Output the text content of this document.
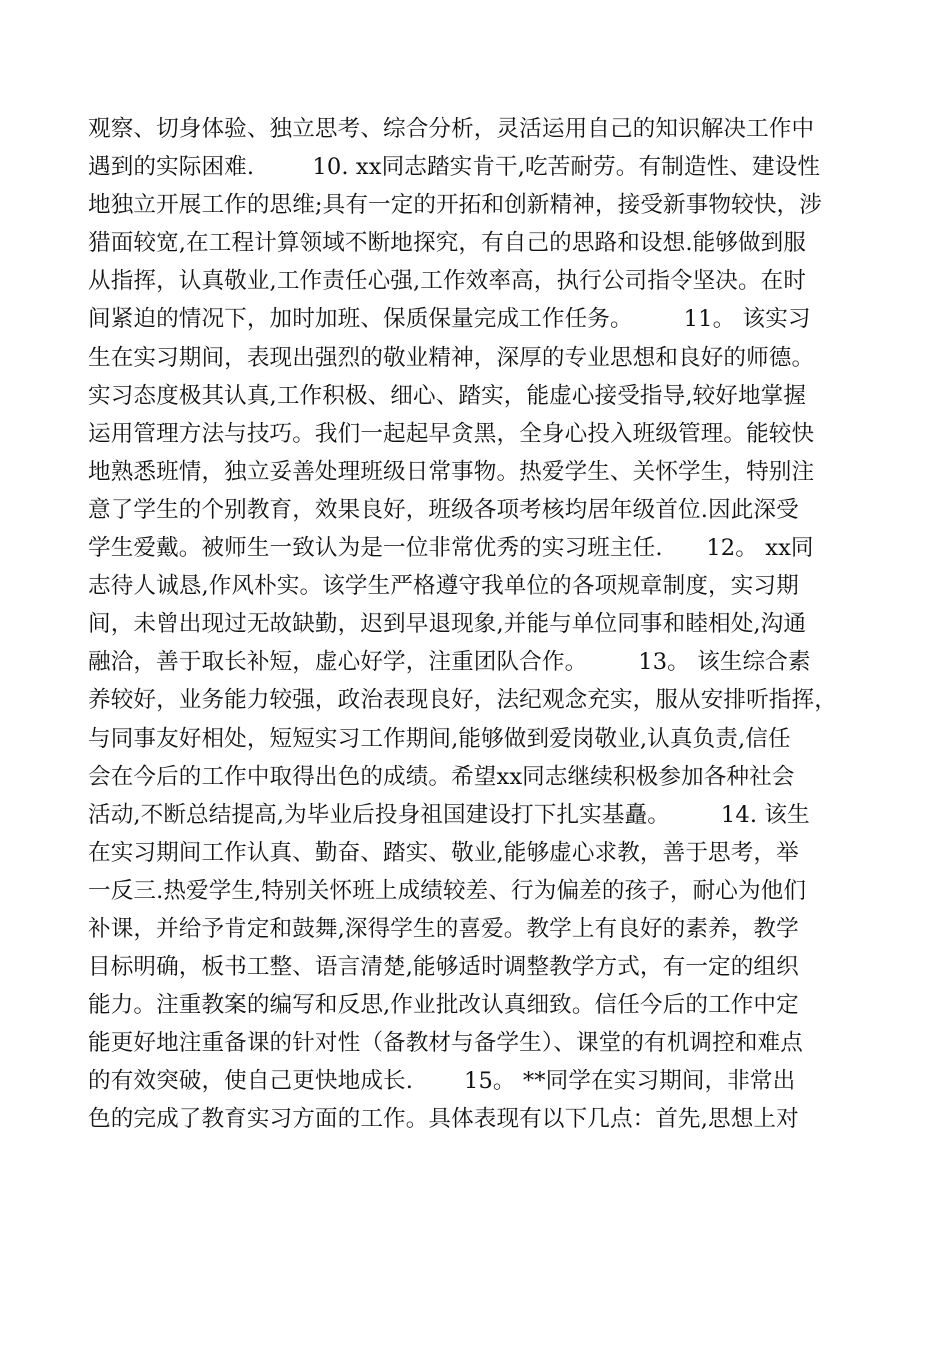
观察、切身体验、独立思考、综合分析，灵活运用自己的知识解决工作中
遇到的实际困难.        10. xx同志踏实肯干,吃苦耐劳。有制造性、建设性
地独立开展工作的思维;具有一定的开拓和创新精神，接受新事物较快，涉
猎面较宽,在工程计算领域不断地探究，有自己的思路和设想.能够做到服
从指挥，认真敬业,工作责任心强,工作效率高，执行公司指令坚决。在时
间紧迫的情况下，加时加班、保质保量完成工作任务。       11。 该实习
生在实习期间，表现出强烈的敬业精神，深厚的专业思想和良好的师德。
实习态度极其认真,工作积极、细心、踏实，能虚心接受指导,较好地掌握
运用管理方法与技巧。我们一起起早贪黑，全身心投入班级管理。能较快
地熟悉班情，独立妥善处理班级日常事物。热爱学生、关怀学生，特别注
意了学生的个别教育，效果良好，班级各项考核均居年级首位.因此深受
学生爱戴。被师生一致认为是一位非常优秀的实习班主任.      12。 xx同
志待人诚恳,作风朴实。该学生严格遵守我单位的各项规章制度，实习期
间，未曾出现过无故缺勤，迟到早退现象,并能与单位同事和睦相处,沟通
融洽，善于取长补短，虚心好学，注重团队合作。       13。 该生综合素
养较好，业务能力较强，政治表现良好，法纪观念充实，服从安排听指挥，
与同事友好相处，短短实习工作期间,能够做到爱岗敬业,认真负责,信任
会在今后的工作中取得出色的成绩。希望xx同志继续积极参加各种社会
活动,不断总结提高,为毕业后投身祖国建设打下扎实基矗。       14. 该生
在实习期间工作认真、勤奋、踏实、敬业,能够虚心求教，善于思考，举
一反三.热爱学生,特别关怀班上成绩较差、行为偏差的孩子，耐心为他们
补课，并给予肯定和鼓舞,深得学生的喜爱。教学上有良好的素养，教学
目标明确，板书工整、语言清楚,能够适时调整教学方式，有一定的组织
能力。注重教案的编写和反思,作业批改认真细致。信任今后的工作中定
能更好地注重备课的针对性（备教材与备学生）、课堂的有机调控和难点
的有效突破，使自己更快地成长.       15。 **同学在实习期间，非常出
色的完成了教育实习方面的工作。具体表现有以下几点：首先,思想上对
